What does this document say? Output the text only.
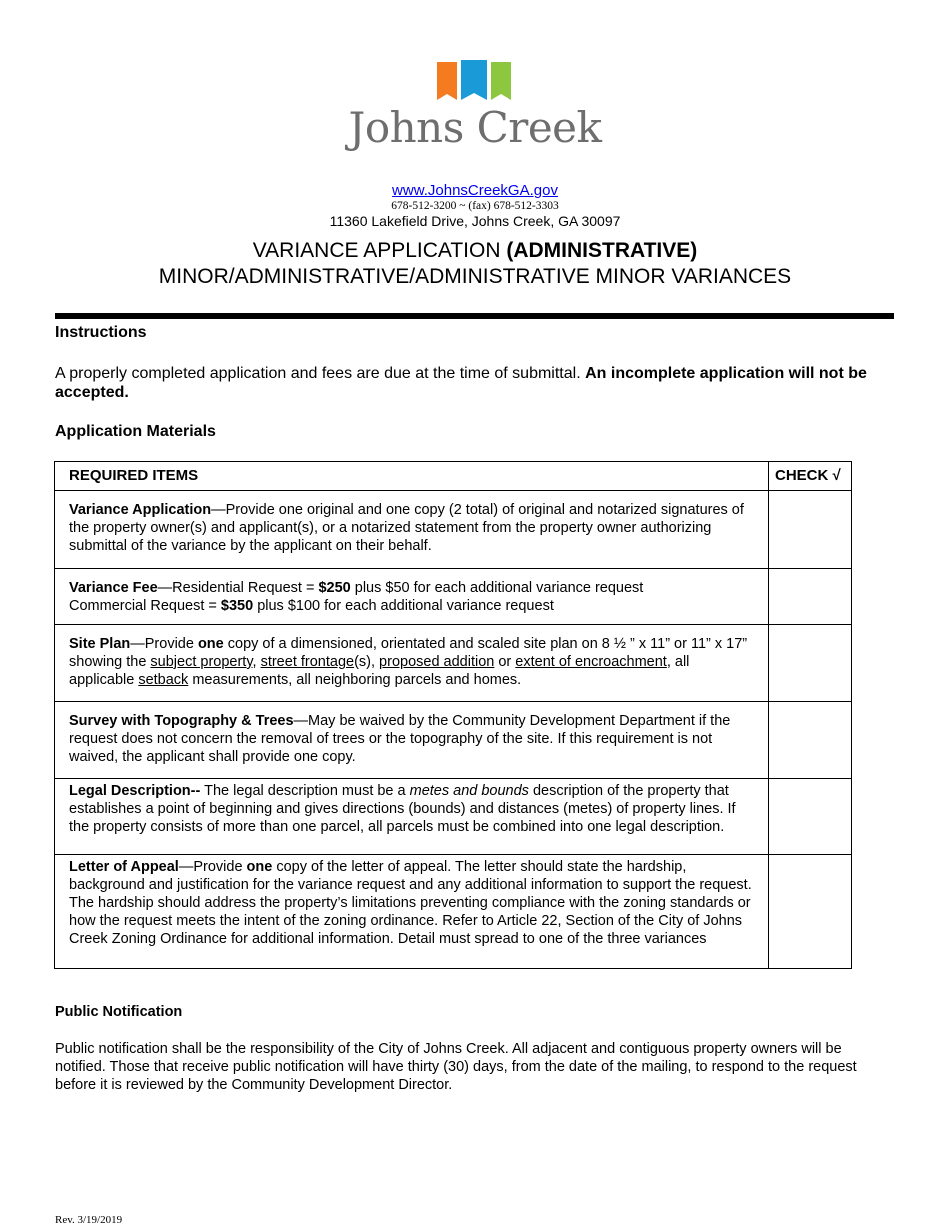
Johns Creek
www.JohnsCreekGA.gov
678-512-3200 ~ (fax) 678-512-3303
11360 Lakefield Drive, Johns Creek, GA 30097
VARIANCE APPLICATION (ADMINISTRATIVE)
MINOR/ADMINISTRATIVE/ADMINISTRATIVE MINOR VARIANCES
Instructions
A properly completed application and fees are due at the time of submittal. An incomplete application will not be accepted.
Application Materials
REQUIRED ITEMS	CHECK √
Variance Application—Provide one original and one copy (2 total) of original and notarized signatures of the property owner(s) and applicant(s), or a notarized statement from the property owner authorizing submittal of the variance by the applicant on their behalf.	
Variance Fee—Residential Request = $250 plus $50 for each additional variance request
Commercial Request = $350 plus $100 for each additional variance request	
Site Plan—Provide one copy of a dimensioned, orientated and scaled site plan on 8 ½ ” x 11” or 11” x 17” showing the subject property, street frontage(s), proposed addition or extent of encroachment, all applicable setback measurements, all neighboring parcels and homes.	
Survey with Topography & Trees—May be waived by the Community Development Department if the request does not concern the removal of trees or the topography of the site. If this requirement is not waived, the applicant shall provide one copy.	
Legal Description-- The legal description must be a metes and bounds description of the property that establishes a point of beginning and gives directions (bounds) and distances (metes) of property lines. If the property consists of more than one parcel, all parcels must be combined into one legal description.	
Letter of Appeal—Provide one copy of the letter of appeal. The letter should state the hardship, background and justification for the variance request and any additional information to support the request. The hardship should address the property’s limitations preventing compliance with the zoning standards or how the request meets the intent of the zoning ordinance. Refer to Article 22, Section of the City of Johns Creek Zoning Ordinance for additional information. Detail must spread to one of the three variances	
Public Notification
Public notification shall be the responsibility of the City of Johns Creek. All adjacent and contiguous property owners will be notified. Those that receive public notification will have thirty (30) days, from the date of the mailing, to respond to the request before it is reviewed by the Community Development Director.
Rev. 3/19/2019
